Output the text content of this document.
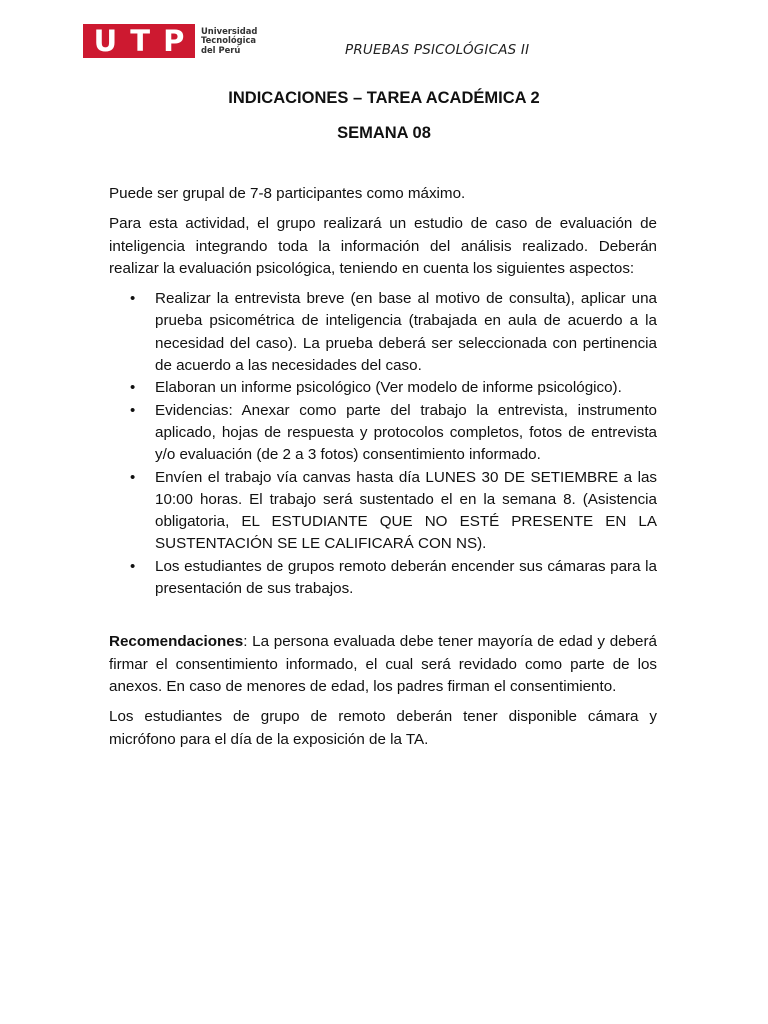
U T P Universidad
Tecnológica
del Perú	PRUEBAS PSICOLÓGICAS II
INDICACIONES – TAREA ACADÉMICA 2
SEMANA 08

Puede ser grupal de 7-8 participantes como máximo.

Para esta actividad, el grupo realizará un estudio de caso de evaluación de inteligencia integrando toda la información del análisis realizado. Deberán realizar la evaluación psicológica, teniendo en cuenta los siguientes aspectos:

• Realizar la entrevista breve (en base al motivo de consulta), aplicar una prueba psicométrica de inteligencia (trabajada en aula de acuerdo a la necesidad del caso). La prueba deberá ser seleccionada con pertinencia de acuerdo a las necesidades del caso.
• Elaboran un informe psicológico (Ver modelo de informe psicológico).
• Evidencias: Anexar como parte del trabajo la entrevista, instrumento aplicado, hojas de respuesta y protocolos completos, fotos de entrevista y/o evaluación (de 2 a 3 fotos) consentimiento informado.
• Envíen el trabajo vía canvas hasta día LUNES 30 DE SETIEMBRE a las 10:00 horas. El trabajo será sustentado el en la semana 8. (Asistencia obligatoria, EL ESTUDIANTE QUE NO ESTÉ PRESENTE EN LA SUSTENTACIÓN SE LE CALIFICARÁ CON NS).
• Los estudiantes de grupos remoto deberán encender sus cámaras para la presentación de sus trabajos.

Recomendaciones: La persona evaluada debe tener mayoría de edad y deberá firmar el consentimiento informado, el cual será revidado como parte de los anexos. En caso de menores de edad, los padres firman el consentimiento.

Los estudiantes de grupo de remoto deberán tener disponible cámara y micrófono para el día de la exposición de la TA.
